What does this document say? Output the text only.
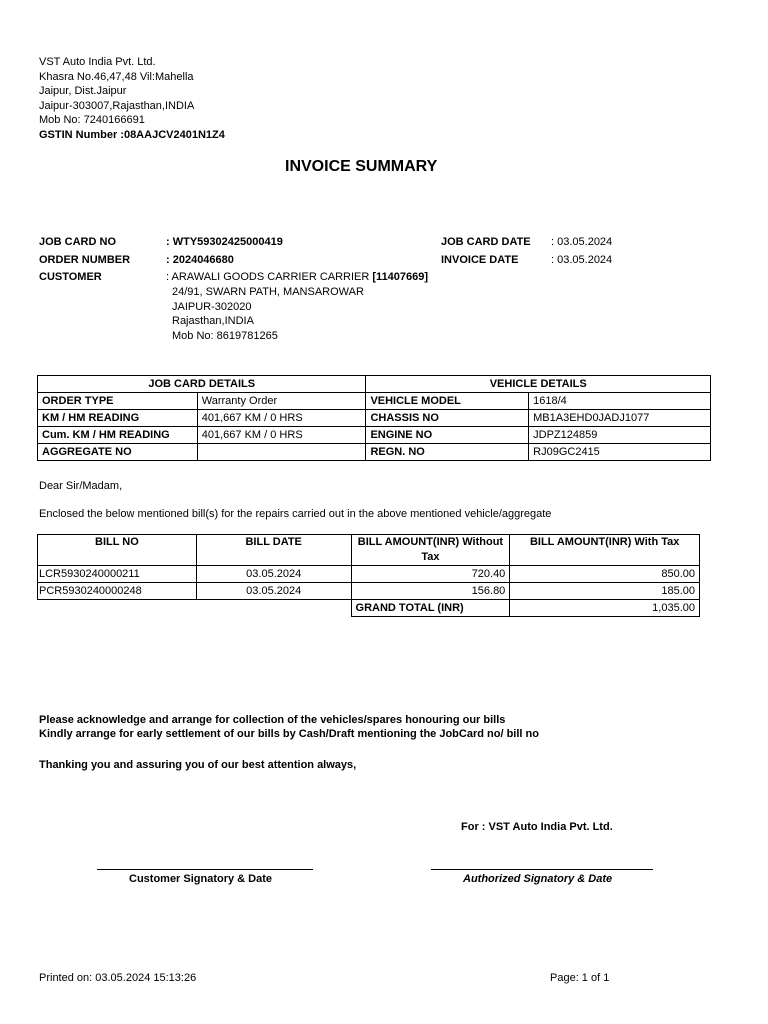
VST Auto India Pvt. Ltd.
Khasra No.46,47,48 Vil:Mahella
Jaipur, Dist.Jaipur
Jaipur-303007,Rajasthan,INDIA
Mob No: 7240166691
GSTIN Number :08AAJCV2401N1Z4
INVOICE SUMMARY
JOB CARD NO	: WTY59302425000419
ORDER NUMBER	: 2024046680
CUSTOMER	: ARAWALI GOODS CARRIER CARRIER [11407669]
24/91, SWARN PATH, MANSAROWAR
JAIPUR-302020
Rajasthan,INDIA
Mob No: 8619781265
JOB CARD DATE : 03.05.2024
INVOICE DATE	: 03.05.2024
JOB CARD DETAILS		VEHICLE DETAILS	
ORDER TYPE	Warranty Order	VEHICLE MODEL	1618/4
KM / HM READING	401,667 KM / 0 HRS	CHASSIS NO	MB1A3EHD0JADJ1077
Cum. KM / HM READING	401,667 KM / 0 HRS	ENGINE NO	JDPZ124859
AGGREGATE NO		REGN. NO	RJ09GC2415
Dear Sir/Madam,
Enclosed the below mentioned bill(s) for the repairs carried out in the above mentioned vehicle/aggregate
BILL NO	BILL DATE	BILL AMOUNT(INR) Without Tax	BILL AMOUNT(INR) With Tax
LCR5930240000211	03.05.2024	720.40	850.00
PCR5930240000248	03.05.2024	156.80	185.00
		GRAND TOTAL (INR)	1,035.00
Please acknowledge and arrange for collection of the vehicles/spares honouring our bills
Kindly arrange for early settlement of our bills by Cash/Draft mentioning the JobCard no/ bill no
Thanking you and assuring you of our best attention always,
For : VST Auto India Pvt. Ltd.
Customer Signatory & Date	Authorized Signatory & Date
Printed on: 03.05.2024 15:13:26	Page: 1 of 1
